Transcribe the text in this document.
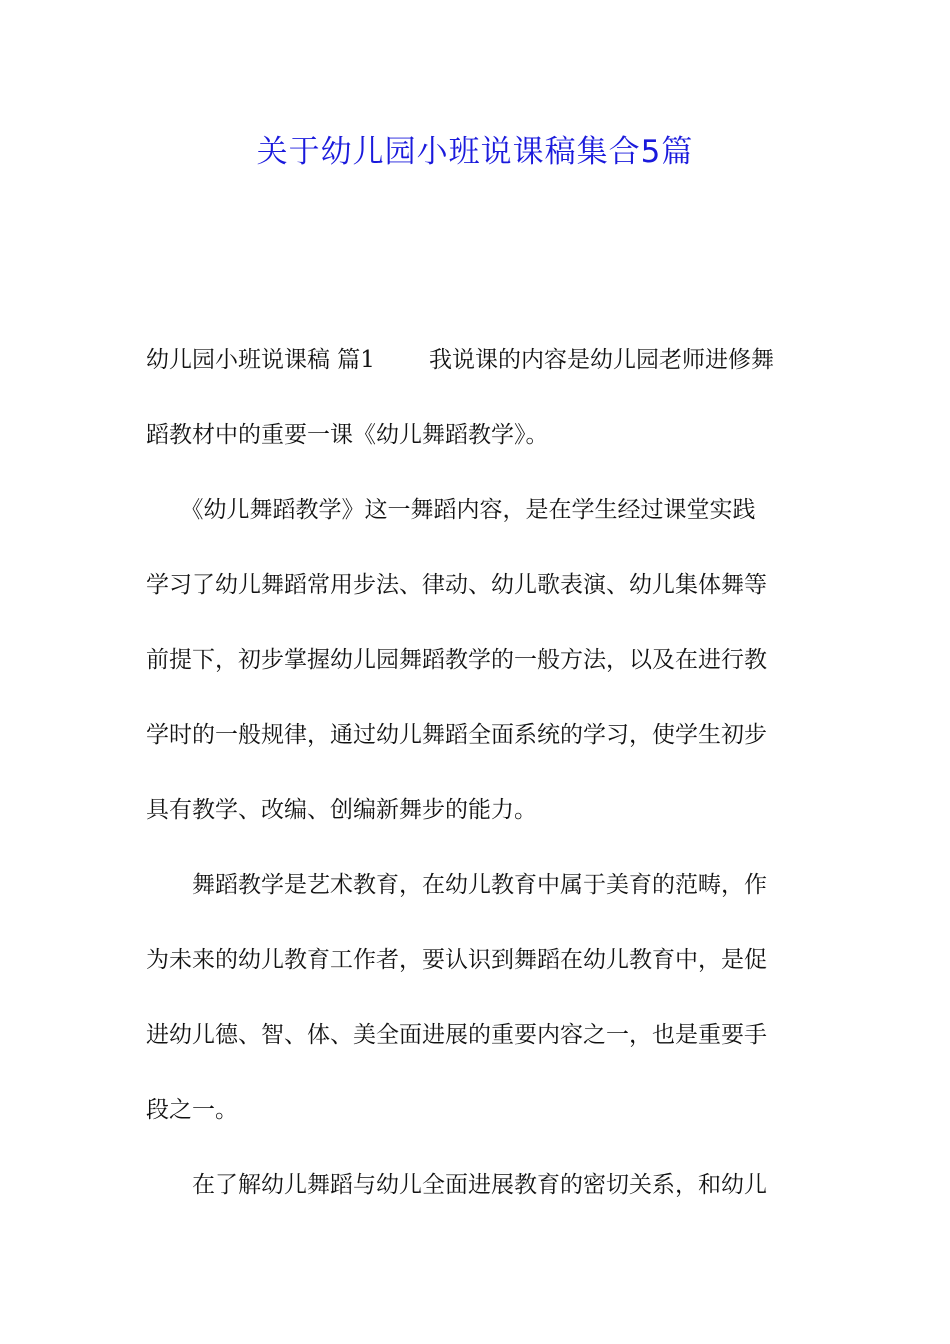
关于幼儿园小班说课稿集合5篇
幼儿园小班说课稿 篇1 我说课的内容是幼儿园老师进修舞
蹈教材中的重要一课《幼儿舞蹈教学》。
　　《幼儿舞蹈教学》这一舞蹈内容，是在学生经过课堂实践
学习了幼儿舞蹈常用步法、律动、幼儿歌表演、幼儿集体舞等
前提下，初步掌握幼儿园舞蹈教学的一般方法，以及在进行教
学时的一般规律，通过幼儿舞蹈全面系统的学习，使学生初步
具有教学、改编、创编新舞步的能力。
　　舞蹈教学是艺术教育，在幼儿教育中属于美育的范畴，作
为未来的幼儿教育工作者，要认识到舞蹈在幼儿教育中，是促
进幼儿德、智、体、美全面进展的重要内容之一，也是重要手
段之一。
　　在了解幼儿舞蹈与幼儿全面进展教育的密切关系，和幼儿
